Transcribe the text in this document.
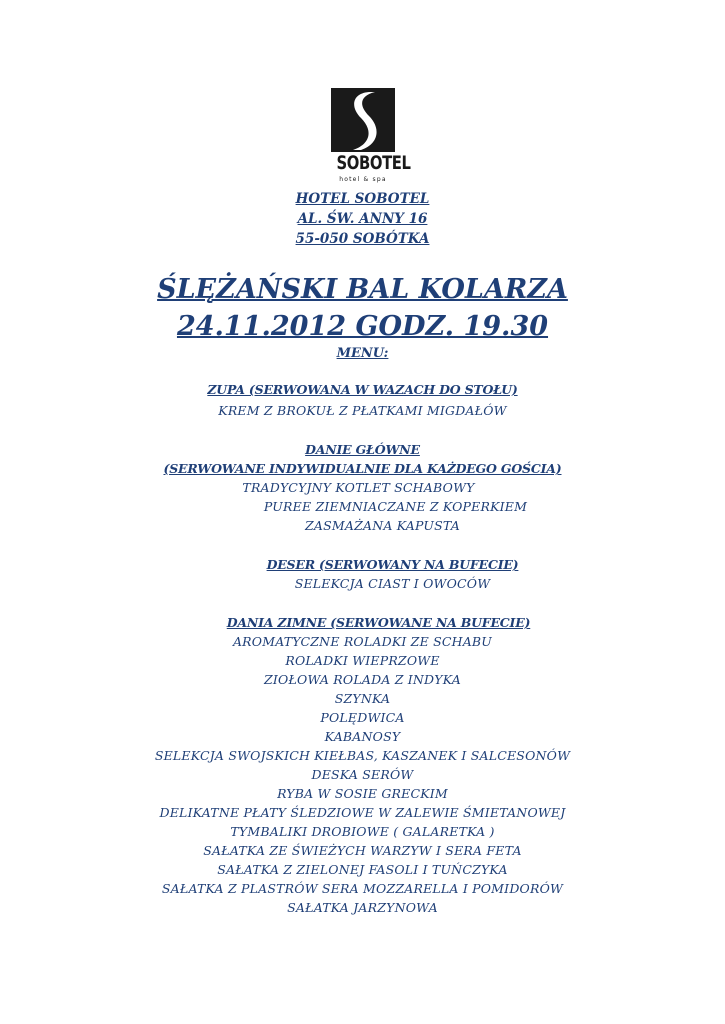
SOBOTEL
hotel & spa
HOTEL SOBOTEL
AL. ŚW. ANNY 16
55-050 SOBÓTKA
ŚLĘŻAŃSKI BAL KOLARZA
24.11.2012 GODZ. 19.30
MENU:
ZUPA (SERWOWANA W WAZACH DO STOŁU)
KREM Z BROKUŁ Z PŁATKAMI MIGDAŁÓW
DANIE GŁÓWNE
(SERWOWANE INDYWIDUALNIE DLA KAŻDEGO GOŚCIA)
TRADYCYJNY KOTLET SCHABOWY
PUREE ZIEMNIACZANE Z KOPERKIEM
ZASMAŻANA KAPUSTA
DESER (SERWOWANY NA BUFECIE)
SELEKCJA CIAST I OWOCÓW
DANIA ZIMNE (SERWOWANE NA BUFECIE)
AROMATYCZNE ROLADKI ZE SCHABU
ROLADKI WIEPRZOWE
ZIOŁOWA ROLADA Z INDYKA
SZYNKA
POLĘDWICA
KABANOSY
SELEKCJA SWOJSKICH KIEŁBAS, KASZANEK I SALCESONÓW
DESKA SERÓW
RYBA W SOSIE GRECKIM
DELIKATNE PŁATY ŚLEDZIOWE W ZALEWIE ŚMIETANOWEJ
TYMBALIKI DROBIOWE ( GALARETKA )
SAŁATKA ZE ŚWIEŻYCH WARZYW I SERA FETA
SAŁATKA Z ZIELONEJ FASOLI I TUŃCZYKA
SAŁATKA Z PLASTRÓW SERA MOZZARELLA I POMIDORÓW
SAŁATKA JARZYNOWA
